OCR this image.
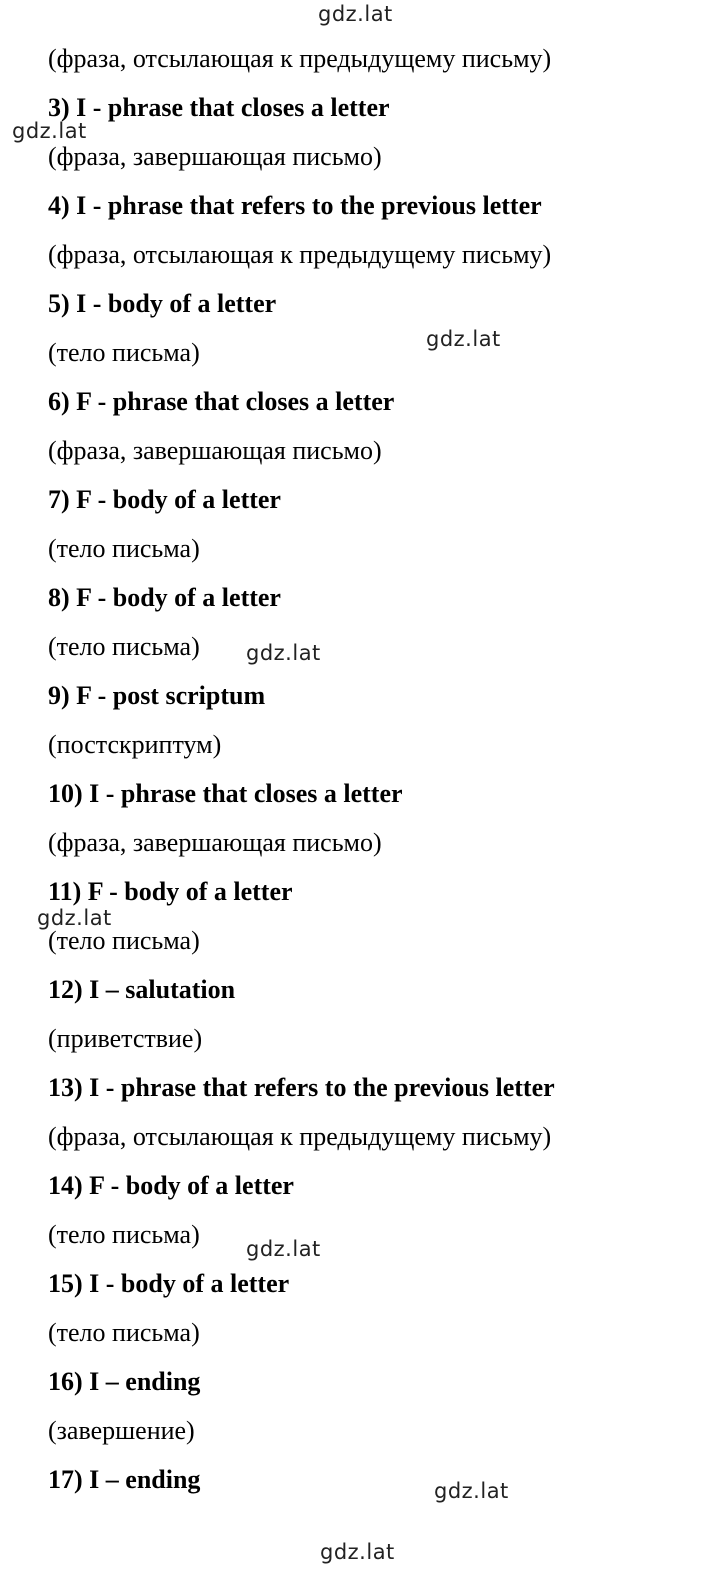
(фраза, отсылающая к предыдущему письму)
3) I - phrase that closes a letter
(фраза, завершающая письмо)
4) I - phrase that refers to the previous letter
(фраза, отсылающая к предыдущему письму)
5) I - body of a letter
(тело письма)
6) F - phrase that closes a letter
(фраза, завершающая письмо)
7) F - body of a letter
(тело письма)
8) F - body of a letter
(тело письма)
9) F - post scriptum
(постскриптум)
10) I - phrase that closes a letter
(фраза, завершающая письмо)
11) F - body of a letter
(тело письма)
12) I – salutation
(приветствие)
13) I - phrase that refers to the previous letter
(фраза, отсылающая к предыдущему письму)
14) F - body of a letter
(тело письма)
15) I - body of a letter
(тело письма)
16) I – ending
(завершение)
17) I – ending
gdz.lat
gdz.lat
gdz.lat
gdz.lat
gdz.lat
gdz.lat
gdz.lat
gdz.lat
